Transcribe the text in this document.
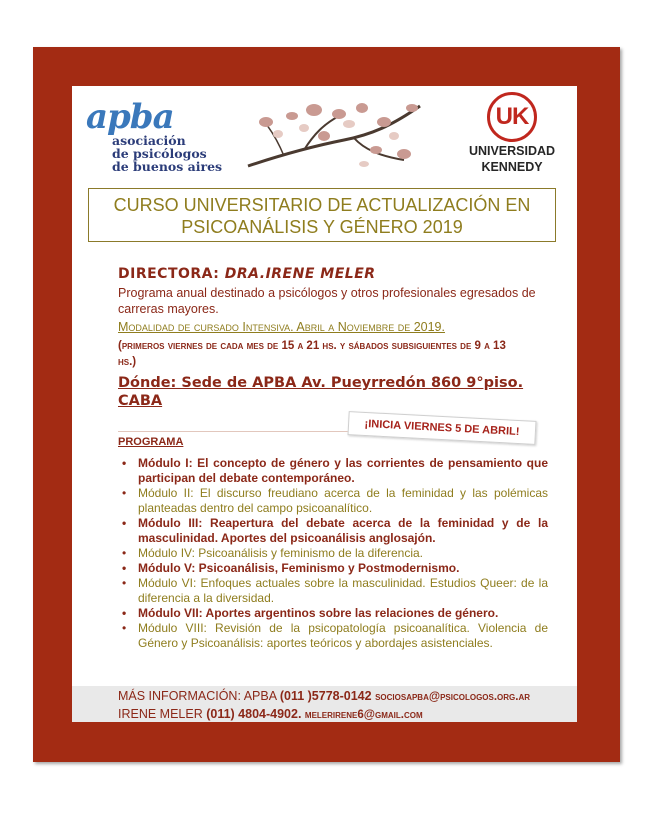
apba
asociación
de psicólogos
de buenos aires
UK
UNIVERSIDAD
KENNEDY
CURSO UNIVERSITARIO DE ACTUALIZACIÓN EN
PSICOANÁLISIS Y GÉNERO 2019
DIRECTORA: DRA.IRENE MELER
Programa anual destinado a psicólogos y otros profesionales egresados de carreras mayores.
Modalidad de cursado Intensiva. Abril a Noviembre de 2019.
(primeros viernes de cada mes de 15 a 21 hs. y sábados subsiguientes de 9 a 13 hs.)
Dónde: Sede de APBA Av. Pueyrredón 860 9°piso. CABA
PROGRAMA
¡INICIA VIERNES 5 DE ABRIL!
• Módulo I: El concepto de género y las corrientes de pensamiento que participan del debate contemporáneo.
• Módulo II: El discurso freudiano acerca de la feminidad y las polémicas planteadas dentro del campo psicoanalítico.
• Módulo III: Reapertura del debate acerca de la feminidad y de la masculinidad. Aportes del psicoanálisis anglosajón.
• Módulo IV: Psicoanálisis y feminismo de la diferencia.
• Módulo V: Psicoanálisis, Feminismo y Postmodernismo.
• Módulo VI: Enfoques actuales sobre la masculinidad. Estudios Queer: de la diferencia a la diversidad.
• Módulo VII: Aportes argentinos sobre las relaciones de género.
• Módulo VIII: Revisión de la psicopatología psicoanalítica. Violencia de Género y Psicoanálisis: aportes teóricos y abordajes asistenciales.
MÁS INFORMACIÓN: APBA (011 )5778-0142 sociosapba@psicologos.org.ar
IRENE MELER (011) 4804-4902. melerirene6@gmail.com
